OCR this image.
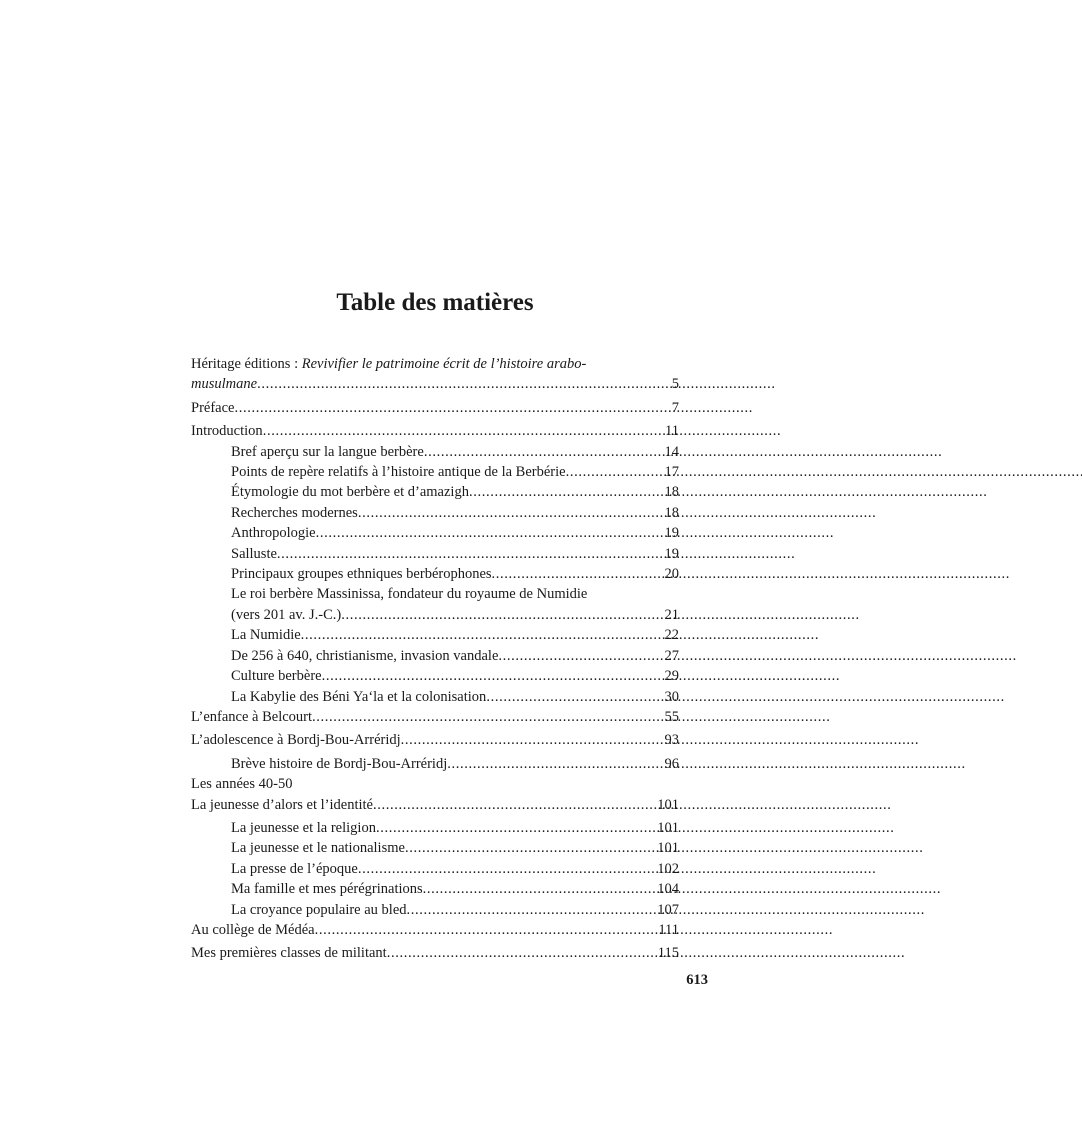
Table des matières
Héritage éditions : Revivifier le patrimoine écrit de l’histoire arabo-
musulmane . . .	5
Préface . . .	7
Introduction . . .	11
Bref aperçu sur la langue berbère . . .	14
Points de repère relatifs à l’histoire antique de la Berbérie . . .	17
Étymologie du mot berbère et d’amazigh . . .	18
Recherches modernes . . .	18
Anthropologie . . .	19
Salluste . . .	19
Principaux groupes ethniques berbérophones . . .	20
Le roi berbère Massinissa, fondateur du royaume de Numidie
(vers 201 av. J.-C.) . . .	21
La Numidie . . .	22
De 256 à 640, christianisme, invasion vandale . . .	27
Culture berbère . . .	29
La Kabylie des Béni Ya‘la et la colonisation . . .	30
L’enfance à Belcourt . . .	55
L’adolescence à Bordj-Bou-Arréridj . . .	93
Brève histoire de Bordj-Bou-Arréridj . . .	96
Les années 40-50
La jeunesse d’alors et l’identité . . .	101
La jeunesse et la religion . . .	101
La jeunesse et le nationalisme . . .	101
La presse de l’époque . . .	102
Ma famille et mes pérégrinations . . .	104
La croyance populaire au bled . . .	107
Au collège de Médéa . . .	111
Mes premières classes de militant . . .	115
613
